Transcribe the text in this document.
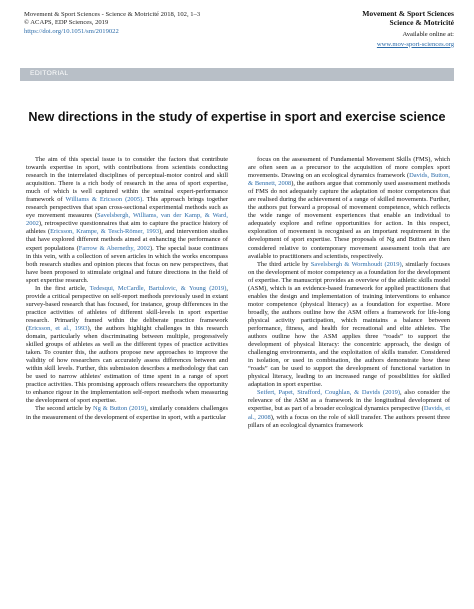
Movement & Sport Sciences - Science & Motricité 2018, 102, 1–3
© ACAPS, EDP Sciences, 2019
https://doi.org/10.1051/sm/2019022
Movement & Sport Sciences
Science & Motricité
Available online at:
www.mov-sport-sciences.org
EDITORIAL
New directions in the study of expertise in sport and exercise science

The aim of this special issue is to consider the factors that contribute towards expertise in sport, with contributions from scientists conducting research in the interrelated disciplines of perceptual-motor control and skill acquisition. There is a rich body of research in the area of sport expertise, much of which is well captured within the seminal expert-performance framework of Williams & Ericsson (2005). This approach brings together research perspectives that span cross-sectional experimental methods such as eye movement measures (Savelsbergh, Williams, van der Kamp, & Ward, 2002), retrospective questionnaires that aim to capture the practice history of athletes (Ericsson, Krampe, & Tesch-Römer, 1993), and intervention studies that have explored different methods aimed at enhancing the performance of expert populations (Farrow & Abernethy, 2002). The special issue continues in this vein, with a collection of seven articles in which the works encompass both research studies and opinion pieces that focus on new perspectives, that have been proposed to stimulate original and future directions in the field of sport expertise research.

In the first article, Tedesqui, McCardle, Bartulovic, & Young (2019), provide a critical perspective on self-report methods previously used in extant survey-based research that has focused, for instance, group differences in the practice activities of athletes of different skill-levels in sport expertise research. Primarily framed within the deliberate practice framework (Ericsson, et al., 1993), the authors highlight challenges in this research domain, particularly when discriminating between multiple, progressively skilled groups of athletes as well as the different types of practice activities taken. To counter this, the authors propose new approaches to improve the validity of how researchers can accurately assess differences between and within skill levels. Further, this submission describes a methodology that can be used to narrow athletes' estimation of time spent in a range of sport practice activities. This promising approach offers researchers the opportunity to enhance rigour in the implementation self-report methods when measuring the development of sport expertise.

The second article by Ng & Button (2019), similarly considers challenges in the measurement of the development of expertise in sport, with a particular

focus on the assessment of Fundamental Movement Skills (FMS), which are often seen as a precursor to the acquisition of more complex sport movements. Drawing on an ecological dynamics framework (Davids, Button, & Bennett, 2008), the authors argue that commonly used assessment methods of FMS do not adequately capture the adaptation of motor competences that are realised during the achievement of a range of skilled movements. Further, the authors put forward a proposal of movement competence, which reflects the wide range of movement experiences that enable an individual to adequately explore and refine opportunities for action. In this respect, exploration of movement is recognised as an important requirement in the development of sport expertise. These proposals of Ng and Button are then considered relative to contemporary movement assessment tools that are available to practitioners and scientists, respectively.

The third article by Savelsbergh & Wormhoudt (2019), similarly focuses on the development of motor competency as a foundation for the development of expertise. The manuscript provides an overview of the athletic skills model (ASM), which is an evidence-based framework for applied practitioners that enables the design and implementation of training interventions to enhance motor competence (physical literacy) as a foundation for expertise. More broadly, the authors outline how the ASM offers a framework for life-long physical activity participation, which maintains a balance between performance, fitness, and health for recreational and elite athletes. The authors outline how the ASM applies three “roads” to support the development of physical literacy: the concentric approach, the design of challenging environments, and the exploitation of skills transfer. Considered in isolation, or used in combination, the authors demonstrate how these “roads” can be used to support the development of functional variation in physical literacy, leading to an increased range of possibilities for skilled adaptation in sport expertise.

Seifert, Papet, Strafford, Coughlan, & Davids (2019), also consider the relevance of the ASM as a framework in the longitudinal development of expertise, but as part of a broader ecological dynamics perspective (Davids, et al., 2008), with a focus on the role of skill transfer. The authors present three pillars of an ecological dynamics framework
